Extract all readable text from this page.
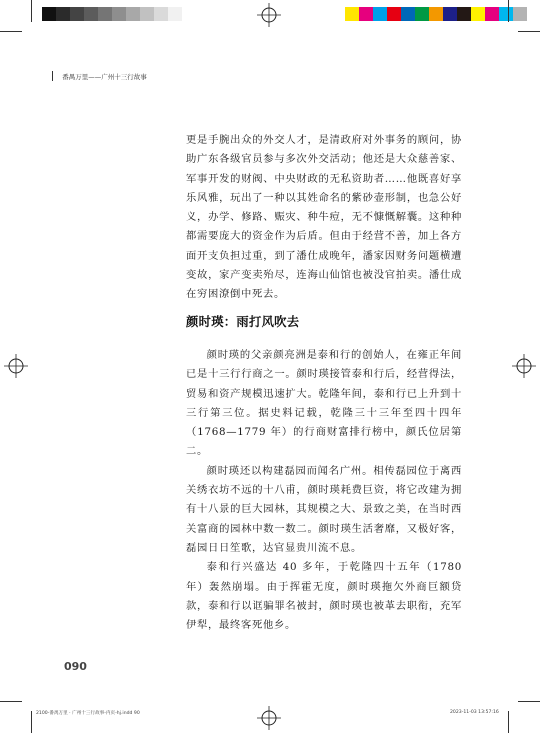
番禺万里——广州十三行故事

更是手腕出众的外交人才，是清政府对外事务的顾问，协助广东各级官员参与多次外交活动；他还是大众慈善家、军事开发的财阀、中央财政的无私资助者……他既喜好享乐风雅，玩出了一种以其姓命名的紫砂壶形制，也急公好义，办学、修路、赈灾、种牛痘，无不慷慨解囊。这种种都需要庞大的资金作为后盾。但由于经营不善，加上各方面开支负担过重，到了潘仕成晚年，潘家因财务问题横遭变故，家产变卖殆尽，连海山仙馆也被没官拍卖。潘仕成在穷困潦倒中死去。

颜时瑛：雨打风吹去

颜时瑛的父亲颜亮洲是泰和行的创始人，在雍正年间已是十三行行商之一。颜时瑛接管泰和行后，经营得法，贸易和资产规模迅速扩大。乾隆年间，泰和行已上升到十三行第三位。据史料记载，乾隆三十三年至四十四年（1768—1779 年）的行商财富排行榜中，颜氏位居第二。

颜时瑛还以构建磊园而闻名广州。相传磊园位于离西关绣衣坊不远的十八甫，颜时瑛耗费巨资，将它改建为拥有十八景的巨大园林，其规模之大、景致之美，在当时西关富商的园林中数一数二。颜时瑛生活奢靡，又极好客，磊园日日笙歌，达官显贵川流不息。

泰和行兴盛达 40 多年，于乾隆四十五年（1780 年）轰然崩塌。由于挥霍无度，颜时瑛拖欠外商巨额贷款，泰和行以诓骗罪名被封，颜时瑛也被革去职衔，充军伊犁，最终客死他乡。

090
2100-番禺万里 · 广州十三行故事-内页-hj.indd 90	2023-11-03 13:57:16
